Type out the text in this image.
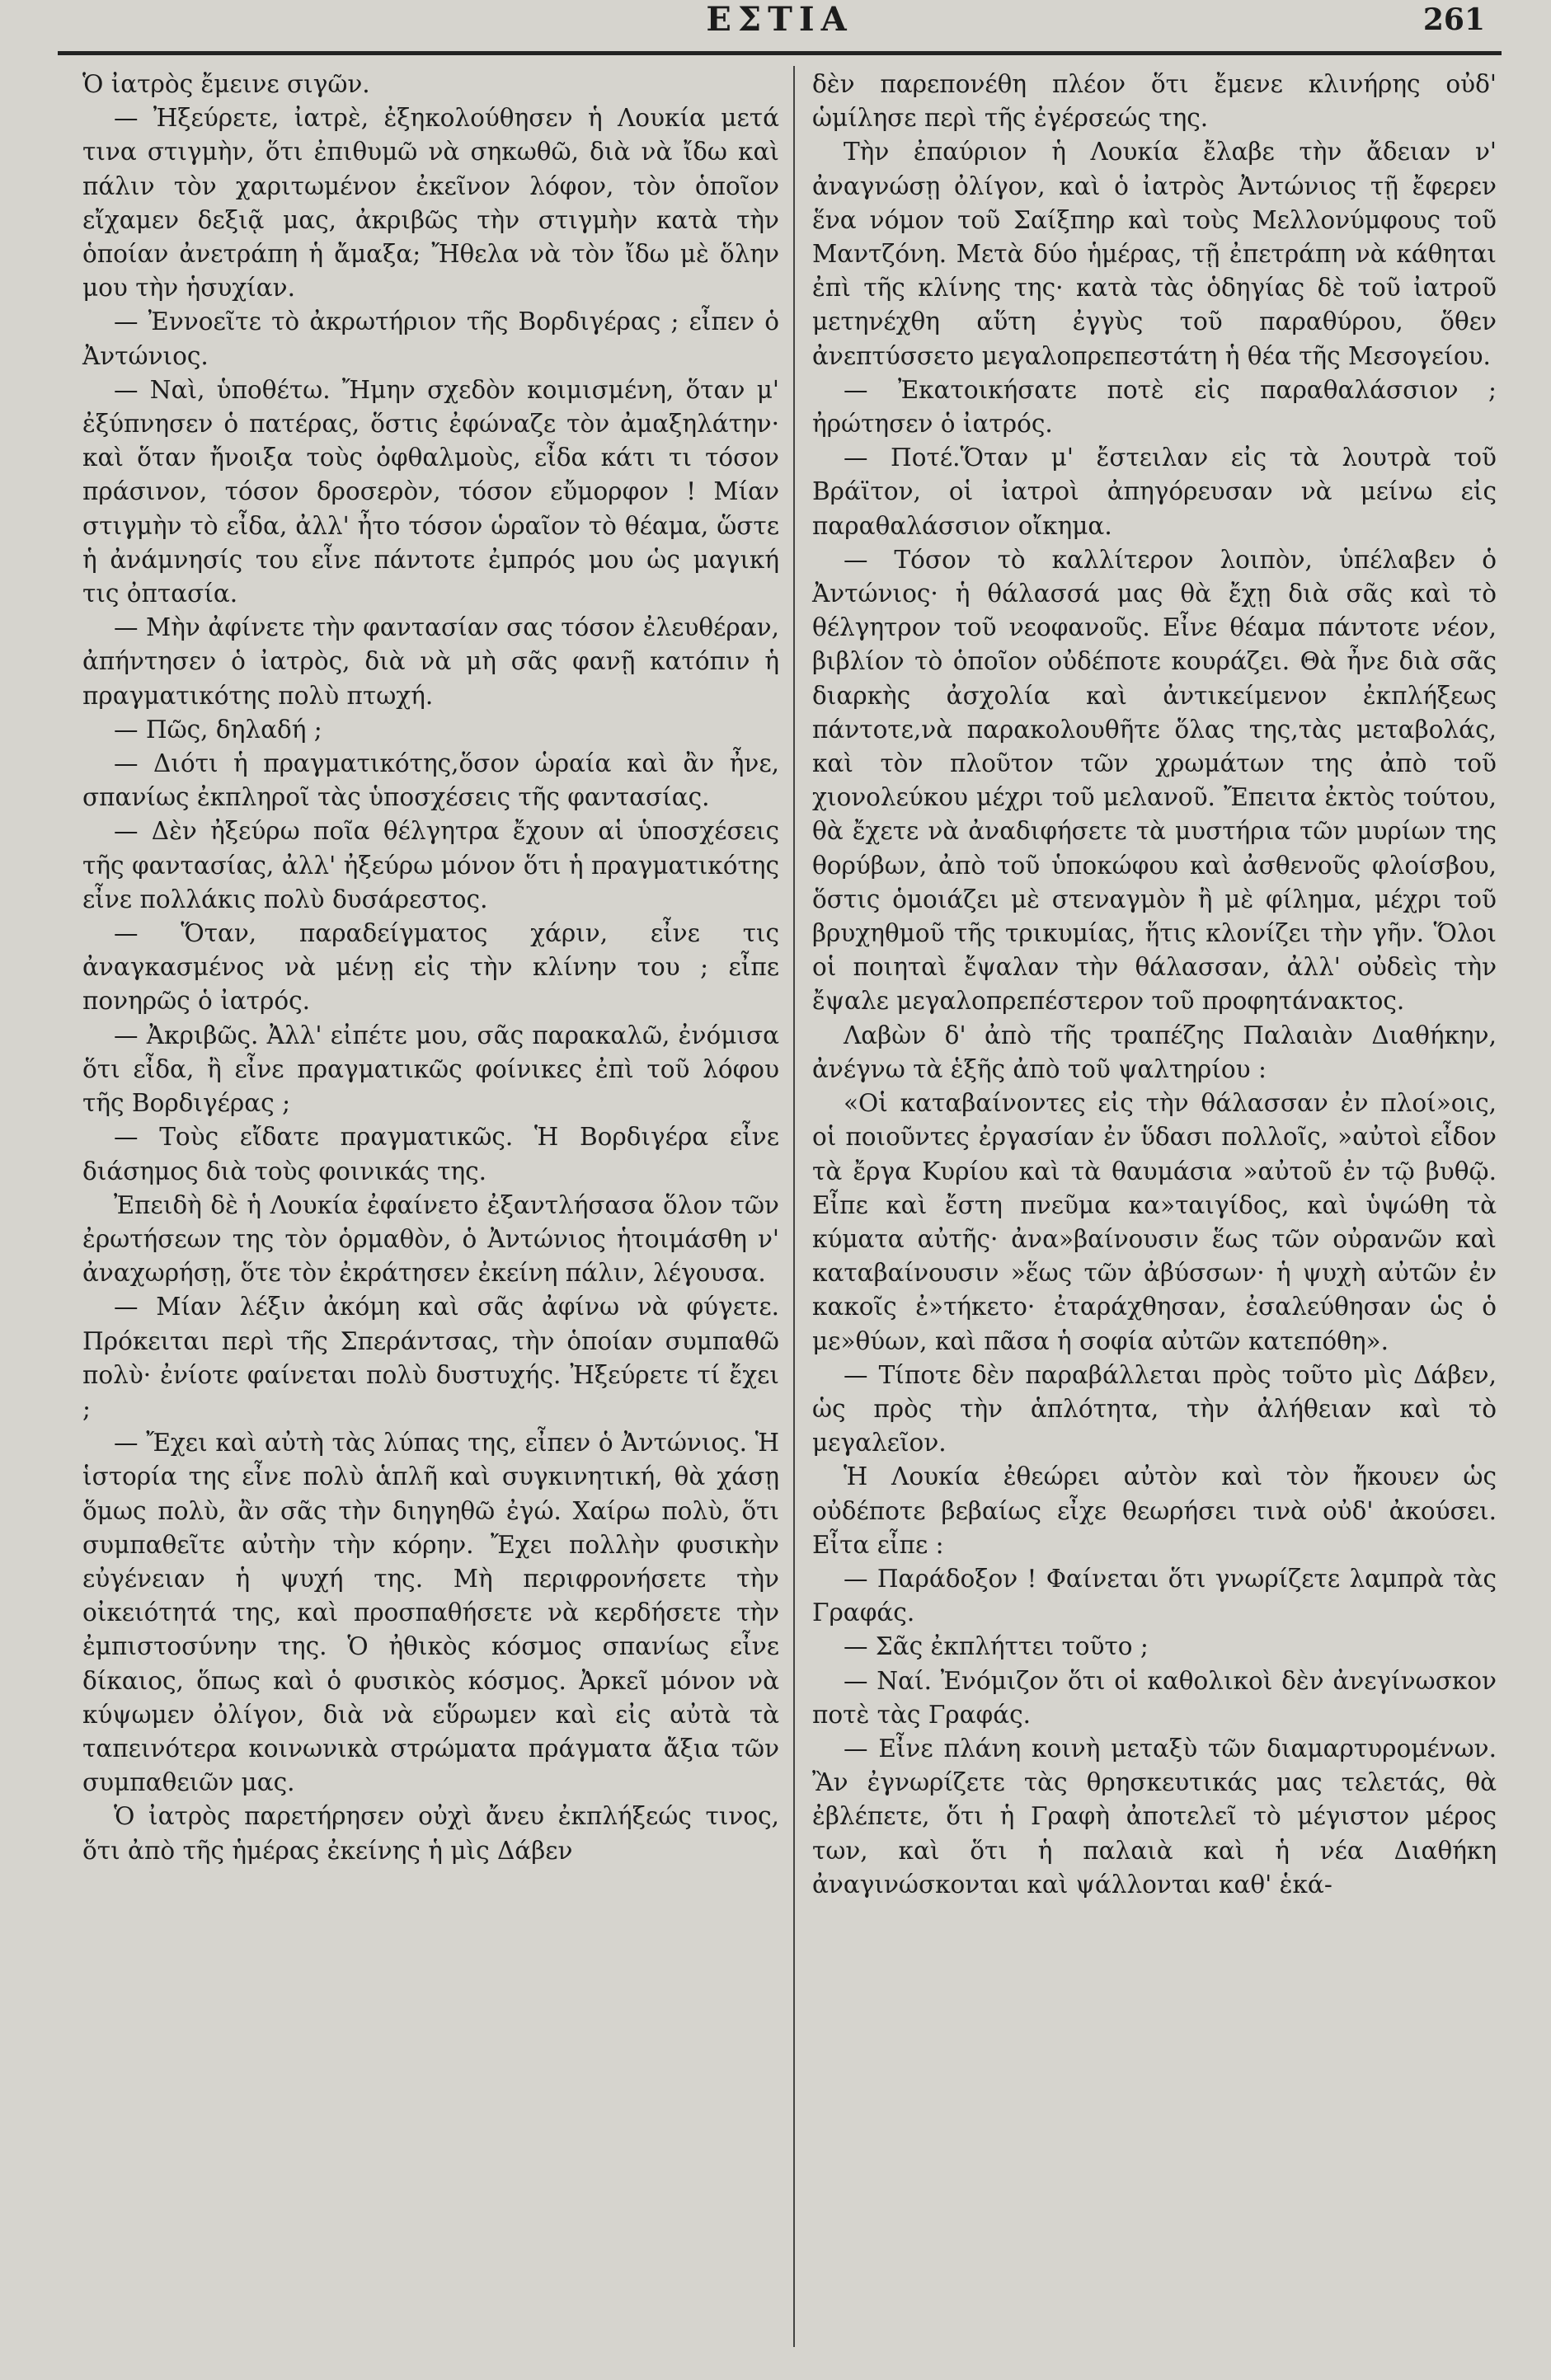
ΕΣΤΙΑ	261

Ὁ ἰατρὸς ἔμεινε σιγῶν.

— Ἠξεύρετε, ἰατρὲ, ἐξηκολούθησεν ἡ Λουκία μετά τινα στιγμὴν, ὅτι ἐπιθυμῶ νὰ σηκωθῶ, διὰ νὰ ἴδω καὶ πάλιν τὸν χαριτωμένον ἐκεῖνον λόφον, τὸν ὁποῖον εἴχαμεν δεξιᾷ μας, ἀκριβῶς τὴν στιγμὴν κατὰ τὴν ὁποίαν ἀνετράπη ἡ ἄμαξα; Ἤθελα νὰ τὸν ἴδω μὲ ὅλην μου τὴν ἡσυχίαν.

— Ἐννοεῖτε τὸ ἀκρωτήριον τῆς Βορδιγέρας ; εἶπεν ὁ Ἀντώνιος.

— Ναὶ, ὑποθέτω. Ἤμην σχεδὸν κοιμισμένη, ὅταν μ' ἐξύπνησεν ὁ πατέρας, ὅστις ἐφώναζε τὸν ἀμαξηλάτην· καὶ ὅταν ἤνοιξα τοὺς ὀφθαλμοὺς, εἶδα κάτι τι τόσον πράσινον, τόσον δροσερὸν, τόσον εὔμορφον ! Μίαν στιγμὴν τὸ εἶδα, ἀλλ' ἦτο τόσον ὡραῖον τὸ θέαμα, ὥστε ἡ ἀνάμνησίς του εἶνε πάντοτε ἐμπρός μου ὡς μαγική τις ὀπτασία.

— Μὴν ἀφίνετε τὴν φαντασίαν σας τόσον ἐλευθέραν, ἀπήντησεν ὁ ἰατρὸς, διὰ νὰ μὴ σᾶς φανῇ κατόπιν ἡ πραγματικότης πολὺ πτωχή.

— Πῶς, δηλαδή ;

— Διότι ἡ πραγματικότης,ὅσον ὡραία καὶ ἂν ἦνε, σπανίως ἐκπληροῖ τὰς ὑποσχέσεις τῆς φαντασίας.

— Δὲν ἠξεύρω ποῖα θέλγητρα ἔχουν αἱ ὑποσχέσεις τῆς φαντασίας, ἀλλ' ἠξεύρω μόνον ὅτι ἡ πραγματικότης εἶνε πολλάκις πολὺ δυσάρεστος.

— Ὅταν, παραδείγματος χάριν, εἶνε τις ἀναγκασμένος νὰ μένῃ εἰς τὴν κλίνην του ; εἶπε πονηρῶς ὁ ἰατρός.

— Ἀκριβῶς. Ἀλλ' εἰπέτε μου, σᾶς παρακαλῶ, ἐνόμισα ὅτι εἶδα, ἢ εἶνε πραγματικῶς φοίνικες ἐπὶ τοῦ λόφου τῆς Βορδιγέρας ;

— Τοὺς εἴδατε πραγματικῶς. Ἡ Βορδιγέρα εἶνε διάσημος διὰ τοὺς φοινικάς της.

Ἐπειδὴ δὲ ἡ Λουκία ἐφαίνετο ἐξαντλήσασα ὅλον τῶν ἐρωτήσεων της τὸν ὁρμαθὸν, ὁ Ἀντώνιος ἡτοιμάσθη ν' ἀναχωρήσῃ, ὅτε τὸν ἐκράτησεν ἐκείνη πάλιν, λέγουσα.

— Μίαν λέξιν ἀκόμη καὶ σᾶς ἀφίνω νὰ φύγετε. Πρόκειται περὶ τῆς Σπεράντσας, τὴν ὁποίαν συμπαθῶ πολὺ· ἐνίοτε φαίνεται πολὺ δυστυχής. Ἠξεύρετε τί ἔχει ;

— Ἔχει καὶ αὐτὴ τὰς λύπας της, εἶπεν ὁ Ἀντώνιος. Ἡ ἱστορία της εἶνε πολὺ ἁπλῆ καὶ συγκινητική, θὰ χάσῃ ὅμως πολὺ, ἂν σᾶς τὴν διηγηθῶ ἐγώ. Χαίρω πολὺ, ὅτι συμπαθεῖτε αὐτὴν τὴν κόρην. Ἔχει πολλὴν φυσικὴν εὐγένειαν ἡ ψυχή της. Μὴ περιφρονήσετε τὴν οἰκειότητά της, καὶ προσπαθήσετε νὰ κερδήσετε τὴν ἐμπιστοσύνην της. Ὁ ἠθικὸς κόσμος σπανίως εἶνε δίκαιος, ὅπως καὶ ὁ φυσικὸς κόσμος. Ἀρκεῖ μόνον νὰ κύψωμεν ὀλίγον, διὰ νὰ εὕρωμεν καὶ εἰς αὐτὰ τὰ ταπεινότερα κοινωνικὰ στρώματα πράγματα ἄξια τῶν συμπαθειῶν μας.

Ὁ ἰατρὸς παρετήρησεν οὐχὶ ἄνευ ἐκπλήξεώς τινος, ὅτι ἀπὸ τῆς ἡμέρας ἐκείνης ἡ μὶς Δάβεν

δὲν παρεπονέθη πλέον ὅτι ἔμενε κλινήρης οὐδ' ὡμίλησε περὶ τῆς ἐγέρσεώς της.

Τὴν ἐπαύριον ἡ Λουκία ἔλαβε τὴν ἄδειαν ν' ἀναγνώσῃ ὀλίγον, καὶ ὁ ἰατρὸς Ἀντώνιος τῇ ἔφερεν ἕνα νόμον τοῦ Σαίξπηρ καὶ τοὺς Μελλονύμφους τοῦ Μαντζόνη. Μετὰ δύο ἡμέρας, τῇ ἐπετράπη νὰ κάθηται ἐπὶ τῆς κλίνης της· κατὰ τὰς ὁδηγίας δὲ τοῦ ἰατροῦ μετηνέχθη αὕτη ἐγγὺς τοῦ παραθύρου, ὅθεν ἀνεπτύσσετο μεγαλοπρεπεστάτη ἡ θέα τῆς Μεσογείου.

— Ἐκατοικήσατε ποτὲ εἰς παραθαλάσσιον ; ἠρώτησεν ὁ ἰατρός.

— Ποτέ.Ὅταν μ' ἔστειλαν εἰς τὰ λουτρὰ τοῦ Βράϊτον, οἱ ἰατροὶ ἀπηγόρευσαν νὰ μείνω εἰς παραθαλάσσιον οἴκημα.

— Τόσον τὸ καλλίτερον λοιπὸν, ὑπέλαβεν ὁ Ἀντώνιος· ἡ θάλασσά μας θὰ ἔχῃ διὰ σᾶς καὶ τὸ θέλγητρον τοῦ νεοφανοῦς. Εἶνε θέαμα πάντοτε νέον, βιβλίον τὸ ὁποῖον οὐδέποτε κουράζει. Θὰ ἦνε διὰ σᾶς διαρκὴς ἀσχολία καὶ ἀντικείμενον ἐκπλήξεως πάντοτε,νὰ παρακολουθῆτε ὅλας της,τὰς μεταβολάς, καὶ τὸν πλοῦτον τῶν χρωμάτων της ἀπὸ τοῦ χιονολεύκου μέχρι τοῦ μελανοῦ. Ἔπειτα ἐκτὸς τούτου, θὰ ἔχετε νὰ ἀναδιφήσετε τὰ μυστήρια τῶν μυρίων της θορύβων, ἀπὸ τοῦ ὑποκώφου καὶ ἀσθενοῦς φλοίσβου, ὅστις ὁμοιάζει μὲ στεναγμὸν ἢ μὲ φίλημα, μέχρι τοῦ βρυχηθμοῦ τῆς τρικυμίας, ἥτις κλονίζει τὴν γῆν. Ὅλοι οἱ ποιηταὶ ἔψαλαν τὴν θάλασσαν, ἀλλ' οὐδεὶς τὴν ἔψαλε μεγαλοπρεπέστερον τοῦ προφητάνακτος.

Λαβὼν δ' ἀπὸ τῆς τραπέζης Παλαιὰν Διαθήκην, ἀνέγνω τὰ ἑξῆς ἀπὸ τοῦ ψαλτηρίου :

«Οἱ καταβαίνοντες εἰς τὴν θάλασσαν ἐν πλοί»οις, οἱ ποιοῦντες ἐργασίαν ἐν ὕδασι πολλοῖς, »αὐτοὶ εἶδον τὰ ἔργα Κυρίου καὶ τὰ θαυμάσια »αὐτοῦ ἐν τῷ βυθῷ. Εἶπε καὶ ἔστη πνεῦμα κα»ταιγίδος, καὶ ὑψώθη τὰ κύματα αὐτῆς· ἀνα»βαίνουσιν ἕως τῶν οὐρανῶν καὶ καταβαίνουσιν »ἕως τῶν ἀβύσσων· ἡ ψυχὴ αὐτῶν ἐν κακοῖς ἐ»τήκετο· ἐταράχθησαν, ἐσαλεύθησαν ὡς ὁ με»θύων, καὶ πᾶσα ἡ σοφία αὐτῶν κατεπόθη».

— Τίποτε δὲν παραβάλλεται πρὸς τοῦτο μὶς Δάβεν, ὡς πρὸς τὴν ἁπλότητα, τὴν ἀλήθειαν καὶ τὸ μεγαλεῖον.

Ἡ Λουκία ἐθεώρει αὐτὸν καὶ τὸν ἤκουεν ὡς οὐδέποτε βεβαίως εἶχε θεωρήσει τινὰ οὐδ' ἀκούσει. Εἶτα εἶπε :

— Παράδοξον ! Φαίνεται ὅτι γνωρίζετε λαμπρὰ τὰς Γραφάς.

— Σᾶς ἐκπλήττει τοῦτο ;

— Ναί. Ἐνόμιζον ὅτι οἱ καθολικοὶ δὲν ἀνεγίνωσκον ποτὲ τὰς Γραφάς.

— Εἶνε πλάνη κοινὴ μεταξὺ τῶν διαμαρτυρομένων. Ἂν ἐγνωρίζετε τὰς θρησκευτικάς μας τελετάς, θὰ ἐβλέπετε, ὅτι ἡ Γραφὴ ἀποτελεῖ τὸ μέγιστον μέρος των, καὶ ὅτι ἡ παλαιὰ καὶ ἡ νέα Διαθήκη ἀναγινώσκονται καὶ ψάλλονται καθ' ἑκά-
